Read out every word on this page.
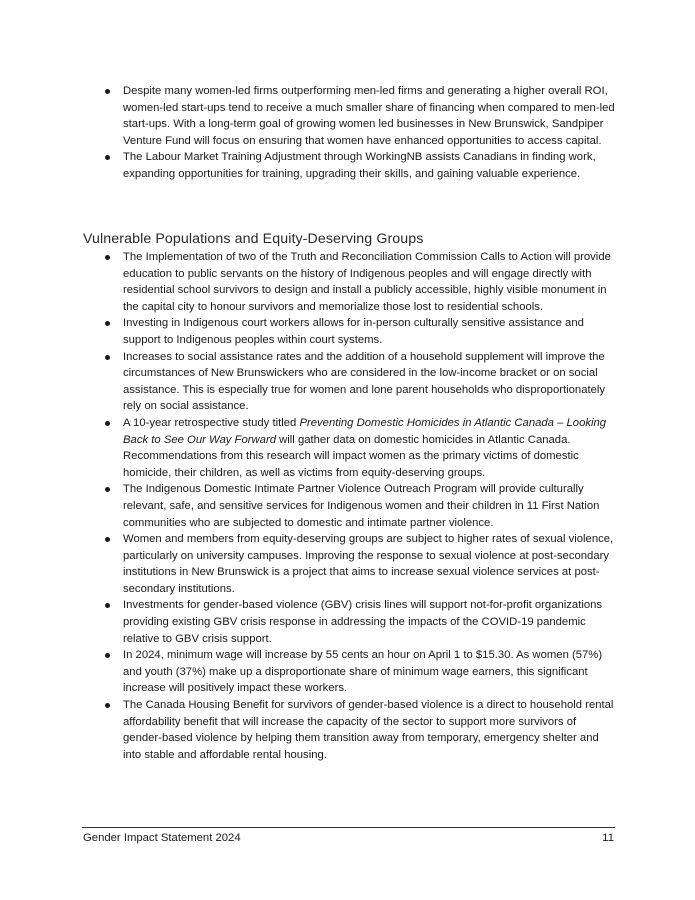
Despite many women-led firms outperforming men-led firms and generating a higher overall ROI, women-led start-ups tend to receive a much smaller share of financing when compared to men-led start-ups. With a long-term goal of growing women led businesses in New Brunswick, Sandpiper Venture Fund will focus on ensuring that women have enhanced opportunities to access capital.
The Labour Market Training Adjustment through WorkingNB assists Canadians in finding work, expanding opportunities for training, upgrading their skills, and gaining valuable experience.
Vulnerable Populations and Equity-Deserving Groups
The Implementation of two of the Truth and Reconciliation Commission Calls to Action will provide education to public servants on the history of Indigenous peoples and will engage directly with residential school survivors to design and install a publicly accessible, highly visible monument in the capital city to honour survivors and memorialize those lost to residential schools.
Investing in Indigenous court workers allows for in-person culturally sensitive assistance and support to Indigenous peoples within court systems.
Increases to social assistance rates and the addition of a household supplement will improve the circumstances of New Brunswickers who are considered in the low-income bracket or on social assistance. This is especially true for women and lone parent households who disproportionately rely on social assistance.
A 10-year retrospective study titled Preventing Domestic Homicides in Atlantic Canada – Looking Back to See Our Way Forward will gather data on domestic homicides in Atlantic Canada. Recommendations from this research will impact women as the primary victims of domestic homicide, their children, as well as victims from equity-deserving groups.
The Indigenous Domestic Intimate Partner Violence Outreach Program will provide culturally relevant, safe, and sensitive services for Indigenous women and their children in 11 First Nation communities who are subjected to domestic and intimate partner violence.
Women and members from equity-deserving groups are subject to higher rates of sexual violence, particularly on university campuses. Improving the response to sexual violence at post-secondary institutions in New Brunswick is a project that aims to increase sexual violence services at post-secondary institutions.
Investments for gender-based violence (GBV) crisis lines will support not-for-profit organizations providing existing GBV crisis response in addressing the impacts of the COVID-19 pandemic relative to GBV crisis support.
In 2024, minimum wage will increase by 55 cents an hour on April 1 to $15.30. As women (57%) and youth (37%) make up a disproportionate share of minimum wage earners, this significant increase will positively impact these workers.
The Canada Housing Benefit for survivors of gender-based violence is a direct to household rental affordability benefit that will increase the capacity of the sector to support more survivors of gender-based violence by helping them transition away from temporary, emergency shelter and into stable and affordable rental housing.
Gender Impact Statement 2024	11
